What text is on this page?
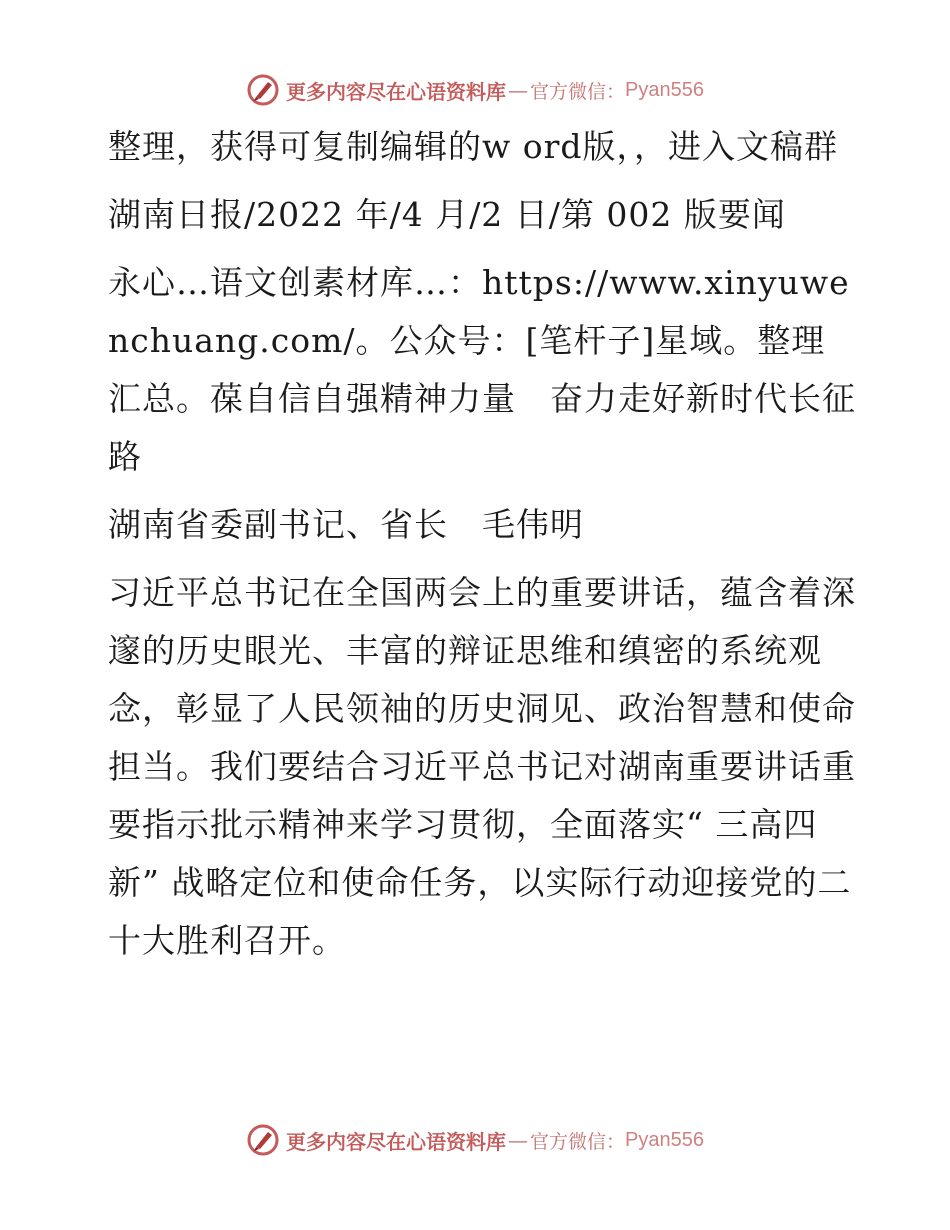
更多内容尽在心语资料库 — 官方微信： Pyan556

整理，获得可复制编辑的w ord版，，进入文稿群

湖南日报/2022 年/4 月/2 日/第 002 版要闻

永心…语文创素材库…：https://www.xinyuwenchuang.com/。公众号：[笔杆子]星域。整理汇总。葆自信自强精神力量　奋力走好新时代长征路

湖南省委副书记、省长　毛伟明

习近平总书记在全国两会上的重要讲话，蕴含着深邃的历史眼光、丰富的辩证思维和缜密的系统观念，彰显了人民领袖的历史洞见、政治智慧和使命担当。我们要结合习近平总书记对湖南重要讲话重要指示批示精神来学习贯彻，全面落实“ 三高四新” 战略定位和使命任务，以实际行动迎接党的二十大胜利召开。

更多内容尽在心语资料库 — 官方微信： Pyan556
